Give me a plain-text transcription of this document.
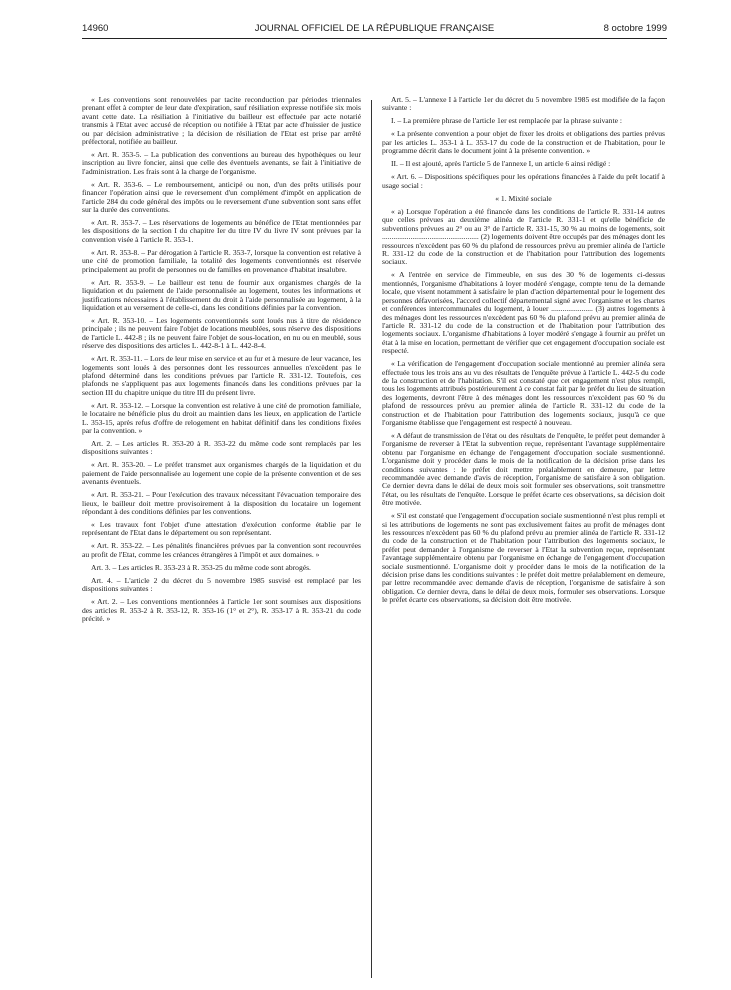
14960	JOURNAL OFFICIEL DE LA RÉPUBLIQUE FRANÇAISE	8 octobre 1999

« Les conventions sont renouvelées par tacite reconduction par périodes triennales prenant effet à compter de leur date d'expiration, sauf résiliation expresse notifiée six mois avant cette date. La résiliation à l'initiative du bailleur est effectuée par acte notarié transmis à l'Etat avec accusé de réception ou notifiée à l'Etat par acte d'huissier de justice ou par décision administrative ; la décision de résiliation de l'Etat est prise par arrêté préfectoral, notifiée au bailleur.

« Art. R. 353-5. – La publication des conventions au bureau des hypothèques ou leur inscription au livre foncier, ainsi que celle des éventuels avenants, se fait à l'initiative de l'administration. Les frais sont à la charge de l'organisme.

« Art. R. 353-6. – Le remboursement, anticipé ou non, d'un des prêts utilisés pour financer l'opération ainsi que le reversement d'un complément d'impôt en application de l'article 284 du code général des impôts ou le reversement d'une subvention sont sans effet sur la durée des conventions.

« Art. R. 353-7. – Les réservations de logements au bénéfice de l'Etat mentionnées par les dispositions de la section I du chapitre Ier du titre IV du livre IV sont prévues par la convention visée à l'article R. 353-1.

« Art. R. 353-8. – Par dérogation à l'article R. 353-7, lorsque la convention est relative à une cité de promotion familiale, la totalité des logements conventionnés est réservée principalement au profit de personnes ou de familles en provenance d'habitat insalubre.

« Art. R. 353-9. – Le bailleur est tenu de fournir aux organismes chargés de la liquidation et du paiement de l'aide personnalisée au logement, toutes les informations et justifications nécessaires à l'établissement du droit à l'aide personnalisée au logement, à la liquidation et au versement de celle-ci, dans les conditions définies par la convention.

« Art. R. 353-10. – Les logements conventionnés sont loués nus à titre de résidence principale ; ils ne peuvent faire l'objet de locations meublées, sous réserve des dispositions de l'article L. 442-8 ; ils ne peuvent faire l'objet de sous-location, en nu ou en meublé, sous réserve des dispositions des articles L. 442-8-1 à L. 442-8-4.

« Art. R. 353-11. – Lors de leur mise en service et au fur et à mesure de leur vacance, les logements sont loués à des personnes dont les ressources annuelles n'excèdent pas le plafond déterminé dans les conditions prévues par l'article R. 331-12. Toutefois, ces plafonds ne s'appliquent pas aux logements financés dans les conditions prévues par la section III du chapitre unique du titre III du présent livre.

« Art. R. 353-12. – Lorsque la convention est relative à une cité de promotion familiale, le locataire ne bénéficie plus du droit au maintien dans les lieux, en application de l'article L. 353-15, après refus d'offre de relogement en habitat définitif dans les conditions fixées par la convention. »

Art. 2. – Les articles R. 353-20 à R. 353-22 du même code sont remplacés par les dispositions suivantes :

« Art. R. 353-20. – Le préfet transmet aux organismes chargés de la liquidation et du paiement de l'aide personnalisée au logement une copie de la présente convention et de ses avenants éventuels.

« Art. R. 353-21. – Pour l'exécution des travaux nécessitant l'évacuation temporaire des lieux, le bailleur doit mettre provisoirement à la disposition du locataire un logement répondant à des conditions définies par les conventions.

« Les travaux font l'objet d'une attestation d'exécution conforme établie par le représentant de l'Etat dans le département ou son représentant.

« Art. R. 353-22. – Les pénalités financières prévues par la convention sont recouvrées au profit de l'Etat, comme les créances étrangères à l'impôt et aux domaines. »

Art. 3. – Les articles R. 353-23 à R. 353-25 du même code sont abrogés.

Art. 4. – L'article 2 du décret du 5 novembre 1985 susvisé est remplacé par les dispositions suivantes :

« Art. 2. – Les conventions mentionnées à l'article 1er sont soumises aux dispositions des articles R. 353-2 à R. 353-12, R. 353-16 (1° et 2°), R. 353-17 à R. 353-21 du code précité. »

Art. 5. – L'annexe I à l'article 1er du décret du 5 novembre 1985 est modifiée de la façon suivante :

I. – La première phrase de l'article 1er est remplacée par la phrase suivante :

« La présente convention a pour objet de fixer les droits et obligations des parties prévus par les articles L. 353-1 à L. 353-17 du code de la construction et de l'habitation, pour le programme décrit dans le document joint à la présente convention. »

II. – Il est ajouté, après l'article 5 de l'annexe I, un article 6 ainsi rédigé :

« Art. 6. – Dispositions spécifiques pour les opérations financées à l'aide du prêt locatif à usage social :

« 1. Mixité sociale

« a) Lorsque l'opération a été financée dans les conditions de l'article R. 331-14 autres que celles prévues au deuxième alinéa de l'article R. 331-1 et qu'elle bénéficie de subventions prévues au 2° ou au 3° de l'article R. 331-15, 30 % au moins de logements, soit ................................................... (2) logements doivent être occupés par des ménages dont les ressources n'excèdent pas 60 % du plafond de ressources prévu au premier alinéa de l'article R. 331-12 du code de la construction et de l'habitation pour l'attribution des logements sociaux.

« A l'entrée en service de l'immeuble, en sus des 30 % de logements ci-dessus mentionnés, l'organisme d'habitations à loyer modéré s'engage, compte tenu de la demande locale, que visent notamment à satisfaire le plan d'action départemental pour le logement des personnes défavorisées, l'accord collectif départemental signé avec l'organisme et les chartes et conférences intercommunales du logement, à louer ...................... (3) autres logements à des ménages dont les ressources n'excèdent pas 60 % du plafond prévu au premier alinéa de l'article R. 331-12 du code de la construction et de l'habitation pour l'attribution des logements sociaux. L'organisme d'habitations à loyer modéré s'engage à fournir au préfet un état à la mise en location, permettant de vérifier que cet engagement d'occupation sociale est respecté.

« La vérification de l'engagement d'occupation sociale mentionné au premier alinéa sera effectuée tous les trois ans au vu des résultats de l'enquête prévue à l'article L. 442-5 du code de la construction et de l'habitation. S'il est constaté que cet engagement n'est plus rempli, tous les logements attribués postérieurement à ce constat fait par le préfet du lieu de situation des logements, devront l'être à des ménages dont les ressources n'excèdent pas 60 % du plafond de ressources prévu au premier alinéa de l'article R. 331-12 du code de la construction et de l'habitation pour l'attribution des logements sociaux, jusqu'à ce que l'organisme établisse que l'engagement est respecté à nouveau.

« A défaut de transmission de l'état ou des résultats de l'enquête, le préfet peut demander à l'organisme de reverser à l'Etat la subvention reçue, représentant l'avantage supplémentaire obtenu par l'organisme en échange de l'engagement d'occupation sociale susmentionné. L'organisme doit y procéder dans le mois de la notification de la décision prise dans les conditions suivantes : le préfet doit mettre préalablement en demeure, par lettre recommandée avec demande d'avis de réception, l'organisme de satisfaire à son obligation. Ce dernier devra dans le délai de deux mois soit formuler ses observations, soit transmettre l'état, ou les résultats de l'enquête. Lorsque le préfet écarte ces observations, sa décision doit être motivée.

« S'il est constaté que l'engagement d'occupation sociale susmentionné n'est plus rempli et si les attributions de logements ne sont pas exclusivement faites au profit de ménages dont les ressources n'excèdent pas 60 % du plafond prévu au premier alinéa de l'article R. 331-12 du code de la construction et de l'habitation pour l'attribution des logements sociaux, le préfet peut demander à l'organisme de reverser à l'Etat la subvention reçue, représentant l'avantage supplémentaire obtenu par l'organisme en échange de l'engagement d'occupation sociale susmentionné. L'organisme doit y procéder dans le mois de la notification de la décision prise dans les conditions suivantes : le préfet doit mettre préalablement en demeure, par lettre recommandée avec demande d'avis de réception, l'organisme de satisfaire à son obligation. Ce dernier devra, dans le délai de deux mois, formuler ses observations. Lorsque le préfet écarte ces observations, sa décision doit être motivée.
